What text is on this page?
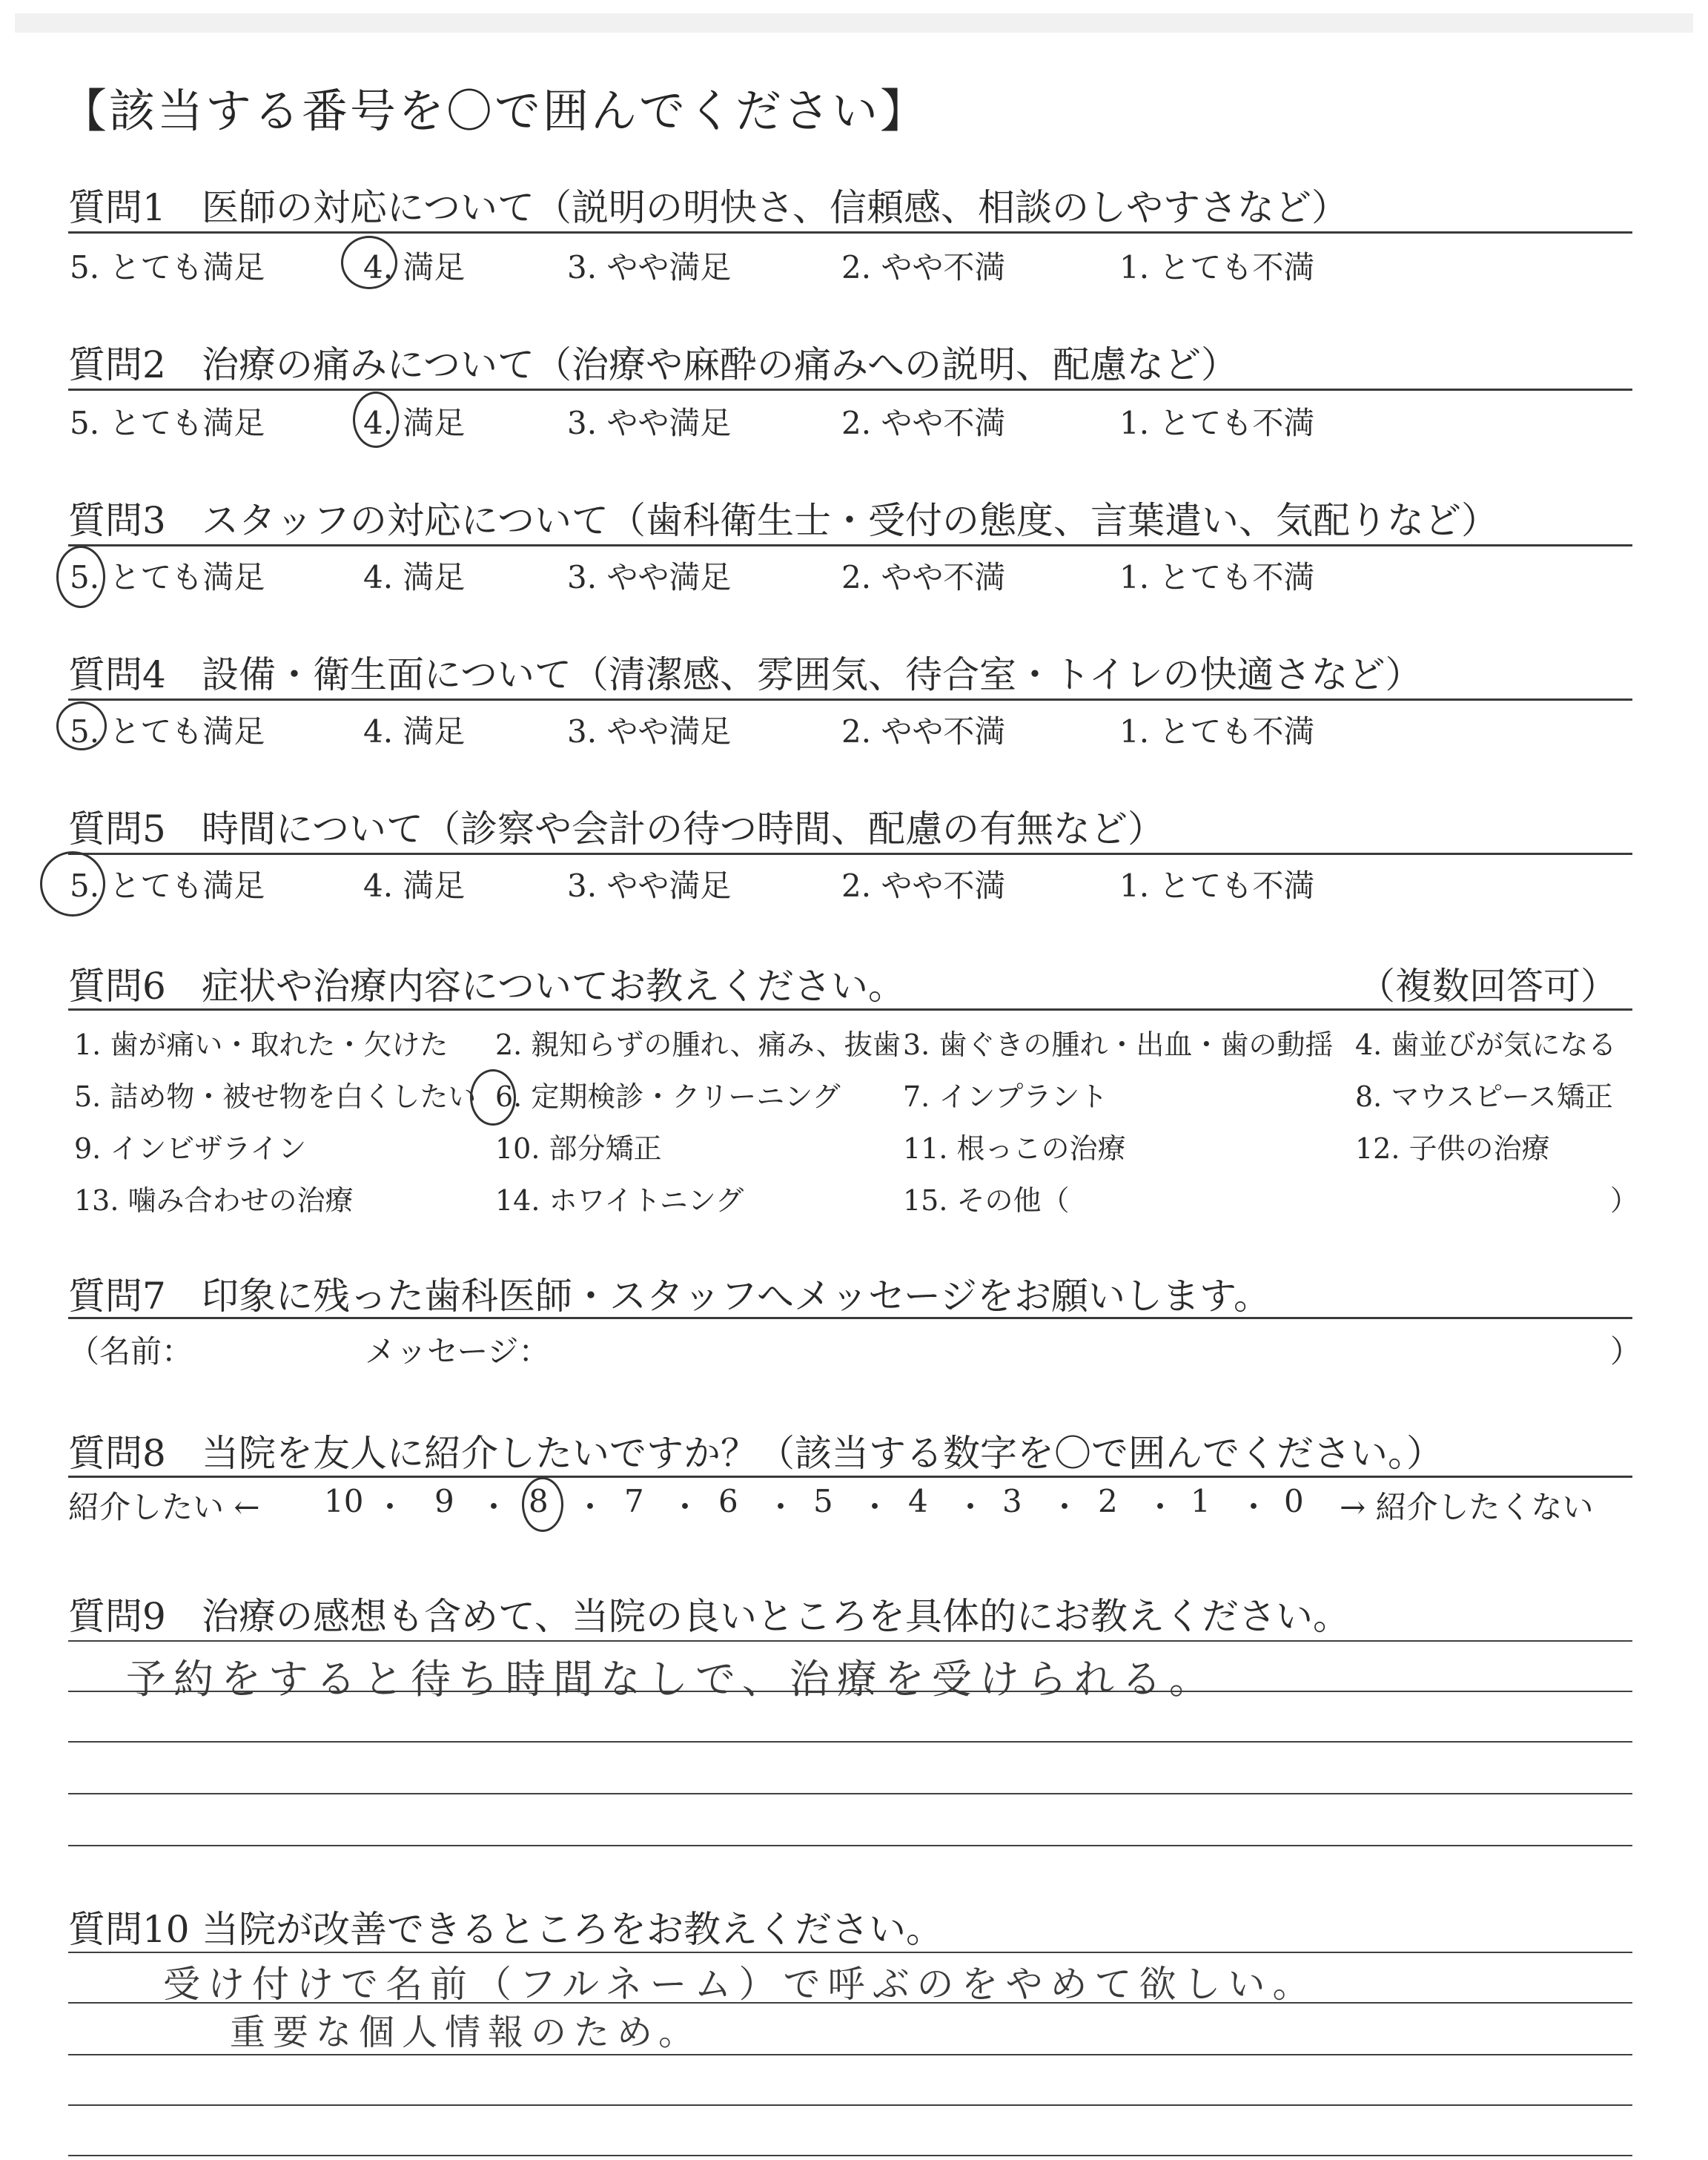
【該当する番号を〇で囲んでください】
質問1 医師の対応について（説明の明快さ、信頼感、相談のしやすさなど）
5. とても満足	4. 満足	3. やや満足	2. やや不満	1. とても不満
質問2 治療の痛みについて（治療や麻酔の痛みへの説明、配慮など）
5. とても満足	4. 満足	3. やや満足	2. やや不満	1. とても不満
質問3 スタッフの対応について（歯科衛生士・受付の態度、言葉遣い、気配りなど）
5. とても満足	4. 満足	3. やや満足	2. やや不満	1. とても不満
質問4 設備・衛生面について（清潔感、雰囲気、待合室・トイレの快適さなど）
5. とても満足	4. 満足	3. やや満足	2. やや不満	1. とても不満
質問5 時間について（診察や会計の待つ時間、配慮の有無など）
5. とても満足	4. 満足	3. やや満足	2. やや不満	1. とても不満
質問6 症状や治療内容についてお教えください。	（複数回答可）
1. 歯が痛い・取れた・欠けた 2. 親知らずの腫れ、痛み、抜歯 3. 歯ぐきの腫れ・出血・歯の動揺 4. 歯並びが気になる
5. 詰め物・被せ物を白くしたい 6. 定期検診・クリーニング 7. インプラント	8. マウスピース矯正
9. インビザライン	10. 部分矯正	11. 根っこの治療	12. 子供の治療
13. 噛み合わせの治療	14. ホワイトニング	15. その他（	）
質問7 印象に残った歯科医師・スタッフへメッセージをお願いします。
（名前：	メッセージ：	）
質問8 当院を友人に紹介したいですか？（該当する数字を〇で囲んでください。）
紹介したい ← 10 ・ 9 ・ 8 ・ 7 ・ 6 ・ 5 ・ 4 ・ 3 ・ 2 ・ 1 ・ 0 → 紹介したくない
質問9 治療の感想も含めて、当院の良いところを具体的にお教えください。
予約をすると待ち時間なしで、治療を受けられる。
質問10 当院が改善できるところをお教えください。
受け付けで名前（フルネーム）で呼ぶのをやめて欲しい。
重要な個人情報のため。
